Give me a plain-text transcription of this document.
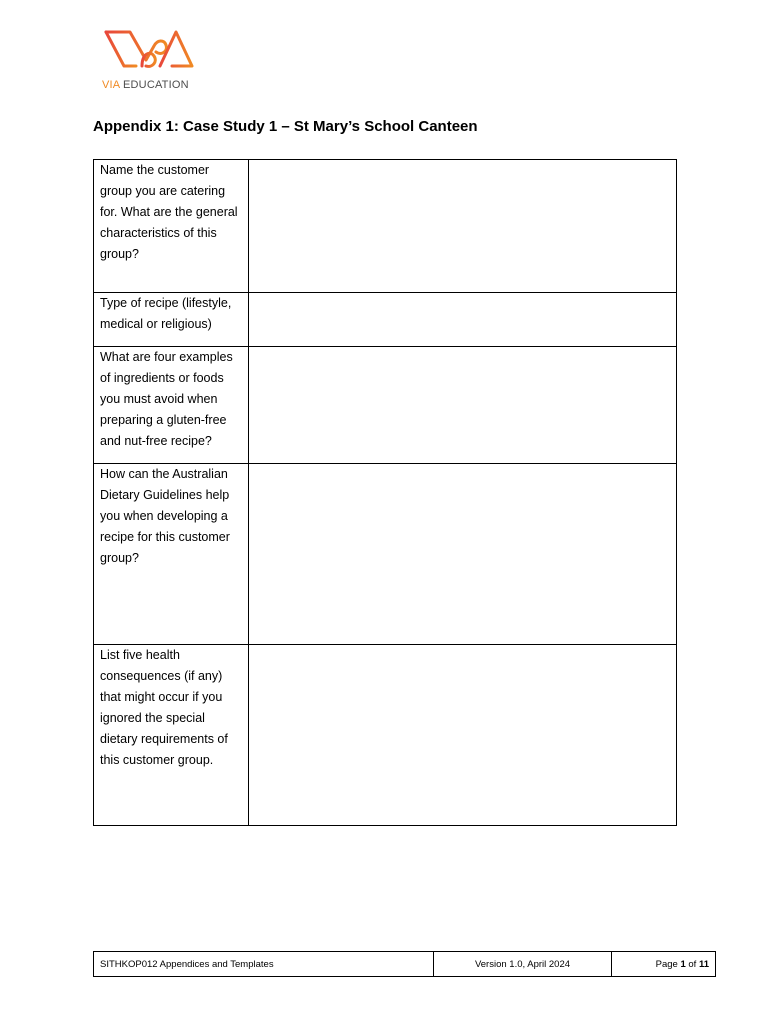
VIA EDUCATION
Appendix 1: Case Study 1 – St Mary’s School Canteen
Name the customer group you are catering for. What are the general characteristics of this group?	
Type of recipe (lifestyle, medical or religious)	
What are four examples of ingredients or foods you must avoid when preparing a gluten-free and nut-free recipe?	
How can the Australian Dietary Guidelines help you when developing a recipe for this customer group?	
List five health consequences (if any) that might occur if you ignored the special dietary requirements of this customer group.	
SITHKOP012 Appendices and Templates	Version 1.0, April 2024	Page 1 of 11
